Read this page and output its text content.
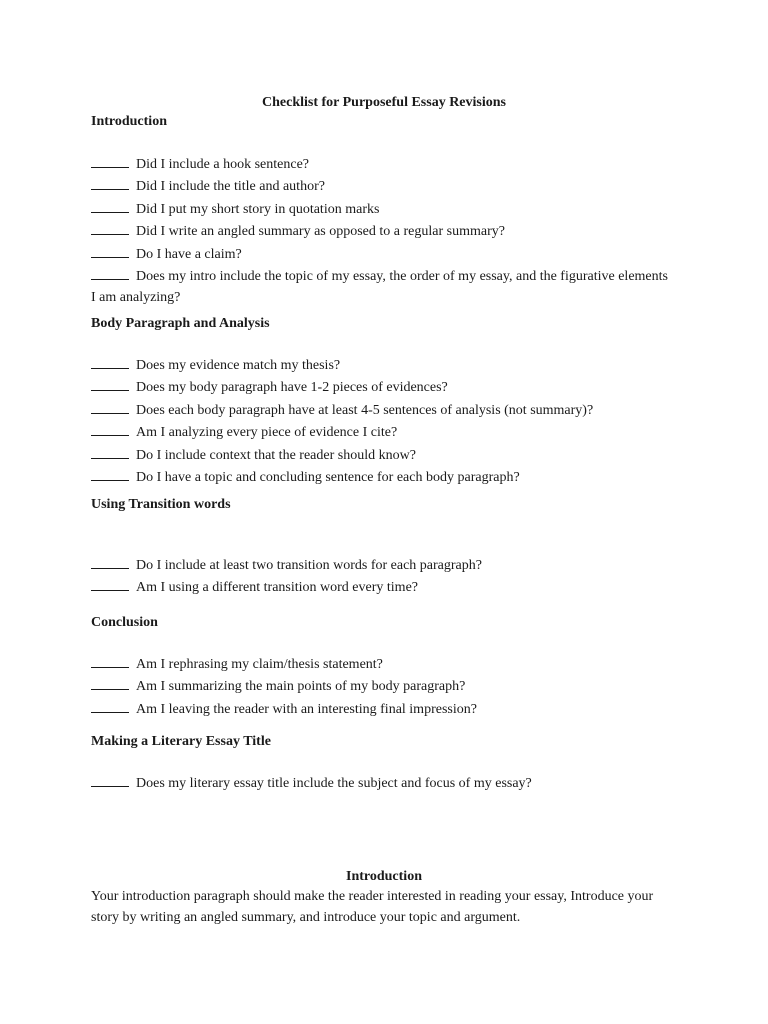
Checklist for Purposeful Essay Revisions

Introduction

Did I include a hook sentence?
Did I include the title and author?
Did I put my short story in quotation marks
Did I write an angled summary as opposed to a regular summary?
Do I have a claim?
Does my intro include the topic of my essay, the order of my essay, and the figurative elements I am analyzing?

Body Paragraph and Analysis

Does my evidence match my thesis?
Does my body paragraph have 1-2 pieces of evidences?
Does each body paragraph have at least 4-5 sentences of analysis (not summary)?
Am I analyzing every piece of evidence I cite?
Do I include context that the reader should know?
Do I have a topic and concluding sentence for each body paragraph?

Using Transition words

Do I include at least two transition words for each paragraph?
Am I using a different transition word every time?

Conclusion

Am I rephrasing my claim/thesis statement?
Am I summarizing the main points of my body paragraph?
Am I leaving the reader with an interesting final impression?

Making a Literary Essay Title

Does my literary essay title include the subject and focus of my essay?
Introduction
Your introduction paragraph should make the reader interested in reading your essay, Introduce your story by writing an angled summary, and introduce your topic and argument.
